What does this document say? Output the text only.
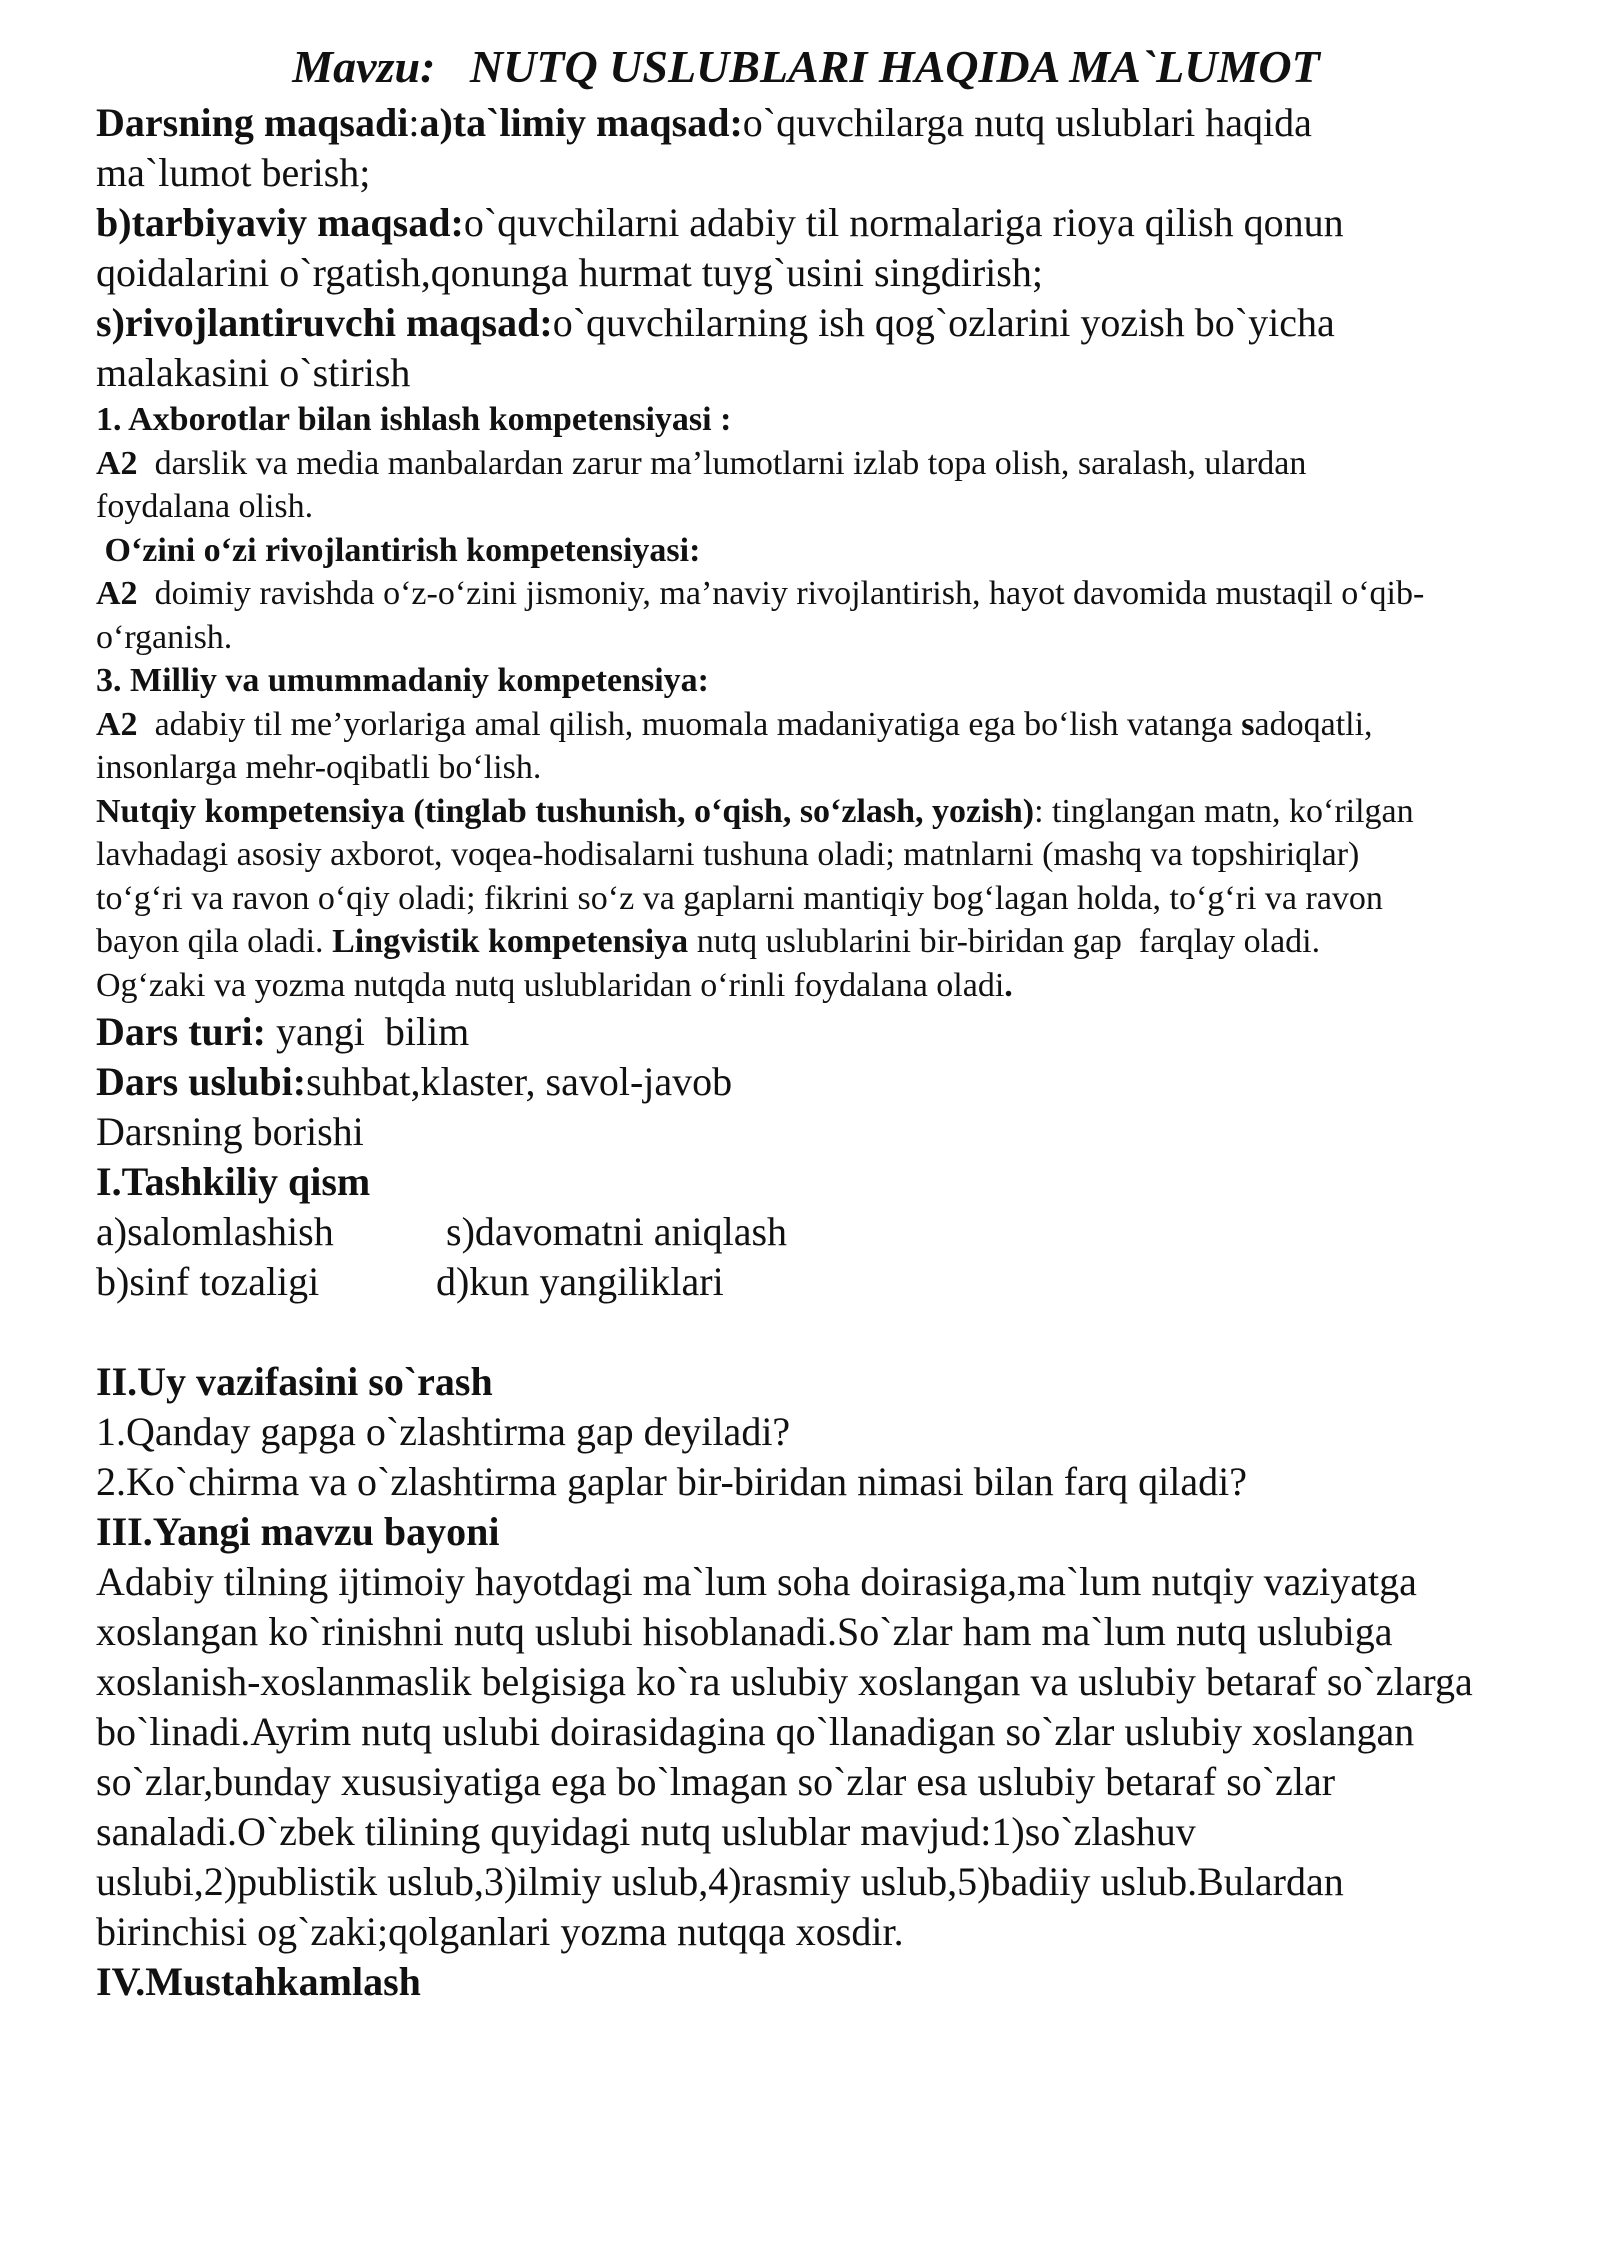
Mavzu:   NUTQ USLUBLARI HAQIDA MA`LUMOT

Darsning maqsadi:a)ta`limiy maqsad:o`quvchilarga nutq uslublari haqida

ma`lumot berish;

b)tarbiyaviy maqsad:o`quvchilarni adabiy til normalariga rioya qilish qonun

qoidalarini o`rgatish,qonunga hurmat tuyg`usini singdirish;

s)rivojlantiruvchi maqsad:o`quvchilarning ish qog`ozlarini yozish bo`yicha

malakasini o`stirish

1. Axborotlar bilan ishlash kompetensiyasi :

A2  darslik va media manbalardan zarur ma’lumotlarni izlab topa olish, saralash, ulardan

foydalana olish.

O‘zini o‘zi rivojlantirish kompetensiyasi:

A2  doimiy ravishda o‘z-o‘zini jismoniy, ma’naviy rivojlantirish, hayot davomida mustaqil o‘qib-

o‘rganish.

3. Milliy va umummadaniy kompetensiya:

A2  adabiy til me’yorlariga amal qilish, muomala madaniyatiga ega bo‘lish vatanga sadoqatli,

insonlarga mehr-oqibatli bo‘lish.

Nutqiy kompetensiya (tinglab tushunish, o‘qish, so‘zlash, yozish): tinglangan matn, ko‘rilgan

lavhadagi asosiy axborot, voqea-hodisalarni tushuna oladi; matnlarni (mashq va topshiriqlar)

to‘g‘ri va ravon o‘qiy oladi; fikrini so‘z va gaplarni mantiqiy bog‘lagan holda, to‘g‘ri va ravon

bayon qila oladi. Lingvistik kompetensiya nutq uslublarini bir-biridan gap  farqlay oladi.

Og‘zaki va yozma nutqda nutq uslublaridan o‘rinli foydalana oladi.

Dars turi: yangi  bilim

Dars uslubi:suhbat,klaster, savol-javob

Darsning borishi

I.Tashkiliy qism

a)salomlashish	s)davomatni aniqlash
b)sinf tozaligi	d)kun yangiliklari

II.Uy vazifasini so`rash

1.Qanday gapga o`zlashtirma gap deyiladi?

2.Ko`chirma va o`zlashtirma gaplar bir-biridan nimasi bilan farq qiladi?

III.Yangi mavzu bayoni

Adabiy tilning ijtimoiy hayotdagi ma`lum soha doirasiga,ma`lum nutqiy vaziyatga

xoslangan ko`rinishni nutq uslubi hisoblanadi.So`zlar ham ma`lum nutq uslubiga

xoslanish-xoslanmaslik belgisiga ko`ra uslubiy xoslangan va uslubiy betaraf so`zlarga

bo`linadi.Ayrim nutq uslubi doirasidagina qo`llanadigan so`zlar uslubiy xoslangan

so`zlar,bunday xususiyatiga ega bo`lmagan so`zlar esa uslubiy betaraf so`zlar

sanaladi.O`zbek tilining quyidagi nutq uslublar mavjud:1)so`zlashuv

uslubi,2)publistik uslub,3)ilmiy uslub,4)rasmiy uslub,5)badiiy uslub.Bulardan

birinchisi og`zaki;qolganlari yozma nutqqa xosdir.

IV.Mustahkamlash
